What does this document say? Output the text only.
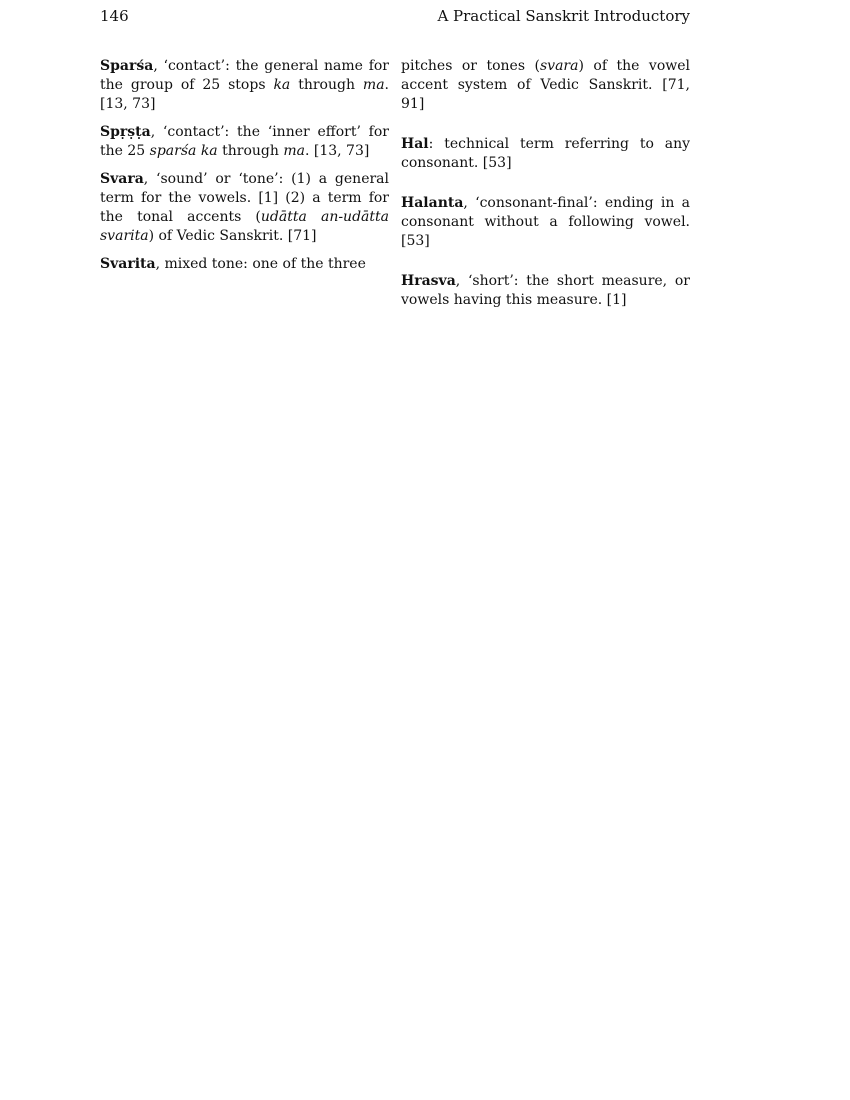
146	A Practical Sanskrit Introductory

Sparśa, ‘contact’: the general name for the group of 25 stops ka through ma. [13, 73]

Spṛṣṭa, ‘contact’: the ‘inner effort’ for the 25 sparśa ka through ma. [13, 73]

Svara, ‘sound’ or ‘tone’: (1) a general term for the vowels. [1] (2) a term for the tonal accents (udātta an-udātta svarita) of Vedic Sanskrit. [71]

Svarita, mixed tone: one of the three

pitches or tones (svara) of the vowel accent system of Vedic Sanskrit. [71, 91]

Hal: technical term referring to any consonant. [53]

Halanta, ‘consonant-final’: ending in a consonant without a following vowel. [53]

Hrasva, ‘short’: the short measure, or vowels having this measure. [1]
